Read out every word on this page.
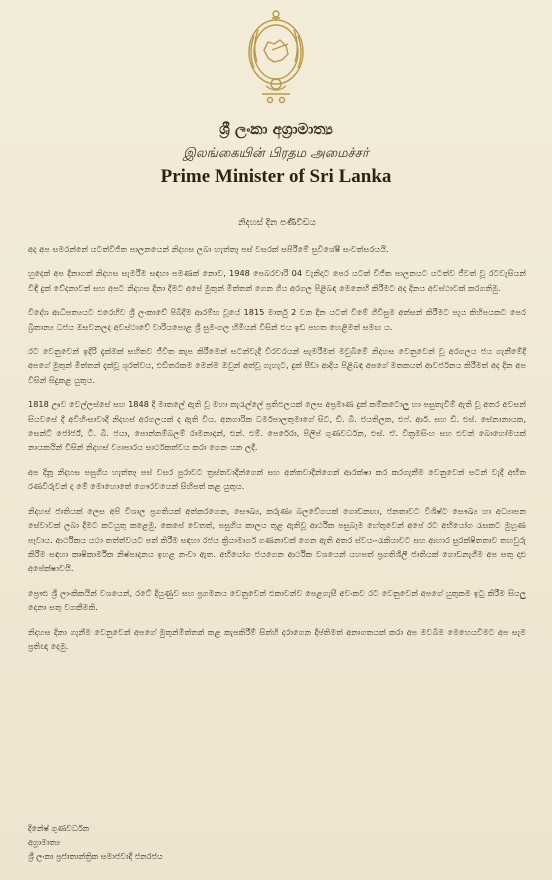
ශ්‍රී ලංකා අග්‍රාමාත්‍ය
இலங்கையின் பிரதம அமைச்சர்
Prime Minister of Sri Lanka
නිදහස් දින පණිවිඩය

අද අප සමරන්නේ යටත්විජිත පාලනයෙන් නිදහස ලබා හැත්තෑ පස් වසරක් සපිරීමේ සුවිශේෂී සංවත්සරයයි.

හුදෙක් අප දිනාගත් නිදහස සැමරීම සඳහා පමණක් නොව, 1948 පෙබරවාරි 04 වැනිදාට පෙර යටත් විජිත පාලනයට යටත්ව ජීවත් වූ රටවැසියන් විඳි දුක් වේදනාවන් සහ අපට නිදහස දිනා දීමට අපේ මුතුන් මිත්තන් ගෙන ගිය අරගල පිළිබඳ මෙනෙහි කිරීමට අද දිනය අවස්ථාවක් කරගනිමු.

විදේශ ආධිපත්‍යයට එරෙහිව ශ්‍රී ලංකාවේ පිබිදීම ආරම්භ වූයේ 1815 මාර්තු 2 වන දින යටත් වීමේ ගිවිසුම අත්සන් කිරීමට පැය කිහිපයකට පෙර බ්‍රිතාන්‍ය ධජය ඔසවනලද අවස්ථාවේ වාරියපොළ ශ්‍රී සුමංගල හිමියන් විසින් එය ඉඩ පහත හෙළීමත් සමඟ ය.

රට වෙනුවෙන් ඉදිරි දැක්මක් සහිතව ජීවිත කැප කිරීමෙන් සටන්වැදී විරවරයන් සැමරීමත් මවුබිමේ නිදහස වෙනුවෙන් වූ අරගලය ජය ගැනීමේදී අපගේ මුතුන් මිත්තන් දැක්වූ ශූරත්වය, එඩිතරකම මෙන්ම ඔවුන් අත්වූ ගැහැට, දුක් පීඩා ආදිය පිළිබඳ අපගේ මතකයත් ආවර්ජනය කිරීමත් අද දින අප විසින් සිදුකළ යුතුය.

1818 ඌව වෙල්ලස්සේ සහ 1848 දී මාතලේ ඇති වූ මහා කැරැල්ලේ ප්‍රතිඵලයක් ලෙස අප්‍රමාණ දුක් කම්කටොලු හා පසුතැවීම් ඇති වූ අතර අවසන් සියවසේ දී අවිහිංසාවාදී නිදහස් අරගලයක් ද ඇති විය. අනගාරික ධර්මපාලතුමාගේ සිට, ඩී. බී. ජයතිලක, එෆ්. ආර්. සහ ඩී. එස්. සේනානායක, සෙන්ට් ජෝර්ජ්, ටී. බී. ජයා, පොන්නම්බලම් රාමනාදන්, එන්. එම්. පෙරේරා, පිලිප් ගුණවර්ධන, එස්. ඒ. වික්‍රමසිංහ සහ එවන් බොහෝමයක් නායකයින් විසින් නිදහස් ව්‍යාපාරය සාර්ථකත්වය කරා ගෙන යන ලදී.

අප දිනූ නිදහස පසුගිය හැත්තෑ පස් වසර පුරාවට ත්‍රස්තවාදීන්ගෙන් සහ අන්තවාදීන්ගෙන් ආරක්ෂා කර කරගැනීම වෙනුවෙන් සටන් වැදී අභීත රණවිරුවන් ද මේ මොහොතේ ගෞරවයෙන් සිහිපත් කළ යුතුය.

නිදහස් ජාතියක් ලෙස අපි විශාල ප්‍රගතියක් අත්කරගෙන, සෞඛ්‍ය, කරුණා බලවේගයක් ගොඩනඟා, ජනතාවට විශිෂ්ට සෞඛ්‍ය හා අධ්‍යාපන සේවාවක් ලබා දීමට කටයුතු කළෙමු. කෙසේ වෙතත්, පසුගිය කාලය තුළ ඇතිවූ ආර්ථික පසුබෑම හේතුවෙන් අපේ රට අභියෝග රැසකට මුහුණ පෑවාය. ආර්ථිකය යථා තත්ත්වයට පත් කිරීම සඳහා රජය ක්‍රියාමාර්ග ගණනාවක් ගෙන ඇති අතර ස්වයං-රැකියාවට සහ ආහාර සුරක්ෂිතතාව තහවුරු කිරීම සඳහා කෘෂිකාර්මික නිෂ්පාදනය ඉහළ නංවා ඇත. අභියෝග ජයගෙන ආර්ථික වශයෙන් යහපත් ප්‍රගතිශීලී ජාතියක් ගොඩනැගීම අප සතු දෘඪ අපේක්ෂාවයි.

ප්‍රෞඪ ශ්‍රී ලාංකිකයින් වශයෙන්, රටේ දියුණුව සහ ප්‍රගමනය වෙනුවෙන් එකාවන්ව පෙළගැසී අවංකව රට වෙනුවෙන් අපගේ යුතුකම ඉටු කිරීම සියලු දෙනා සතු වගකීමකි.

නිදහස දිනා ගැනීම වෙනුවෙන් අපගේ මුතුන්මිත්තන් කළ කැපකිරීම් සිත්හි දරාගෙන දීප්තිමත් අනාගතයක් කරා අප මවබිම මෙහෙයවීමට අප සැම ප්‍රතිඥා දෙමු.

දිනේෂ් ගුණවර්ධන
අග්‍රාමාත්‍ය
ශ්‍රී ලංකා ප්‍රජාතාන්ත්‍රික සමාජවාදී ජනරජය
